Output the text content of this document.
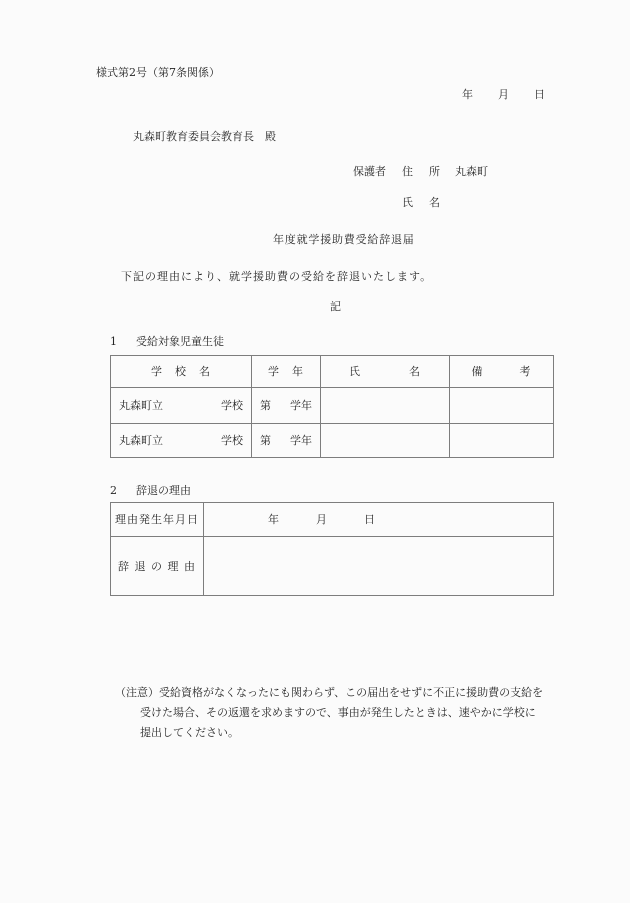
様式第2号（第7条関係）
年　　月　　日
丸森町教育委員会教育長　殿
保護者 住　所 丸森町
氏　名
年度就学援助費受給辞退届
下記の理由により、就学援助費の受給を辞退いたします。
記
1 受給対象児童生徒
学　校　名	学　年	氏　　　　名	備　　　考

丸森町立 学校	第 学年		

丸森町立 学校	第 学年		

2 辞退の理由
理由発生年月日	年　　　月　　　日
辞 退 の 理 由	
（注意）受給資格がなくなったにも関わらず、この届出をせずに不正に援助費の支給を
受けた場合、その返還を求めますので、事由が発生したときは、速やかに学校に
提出してください。
